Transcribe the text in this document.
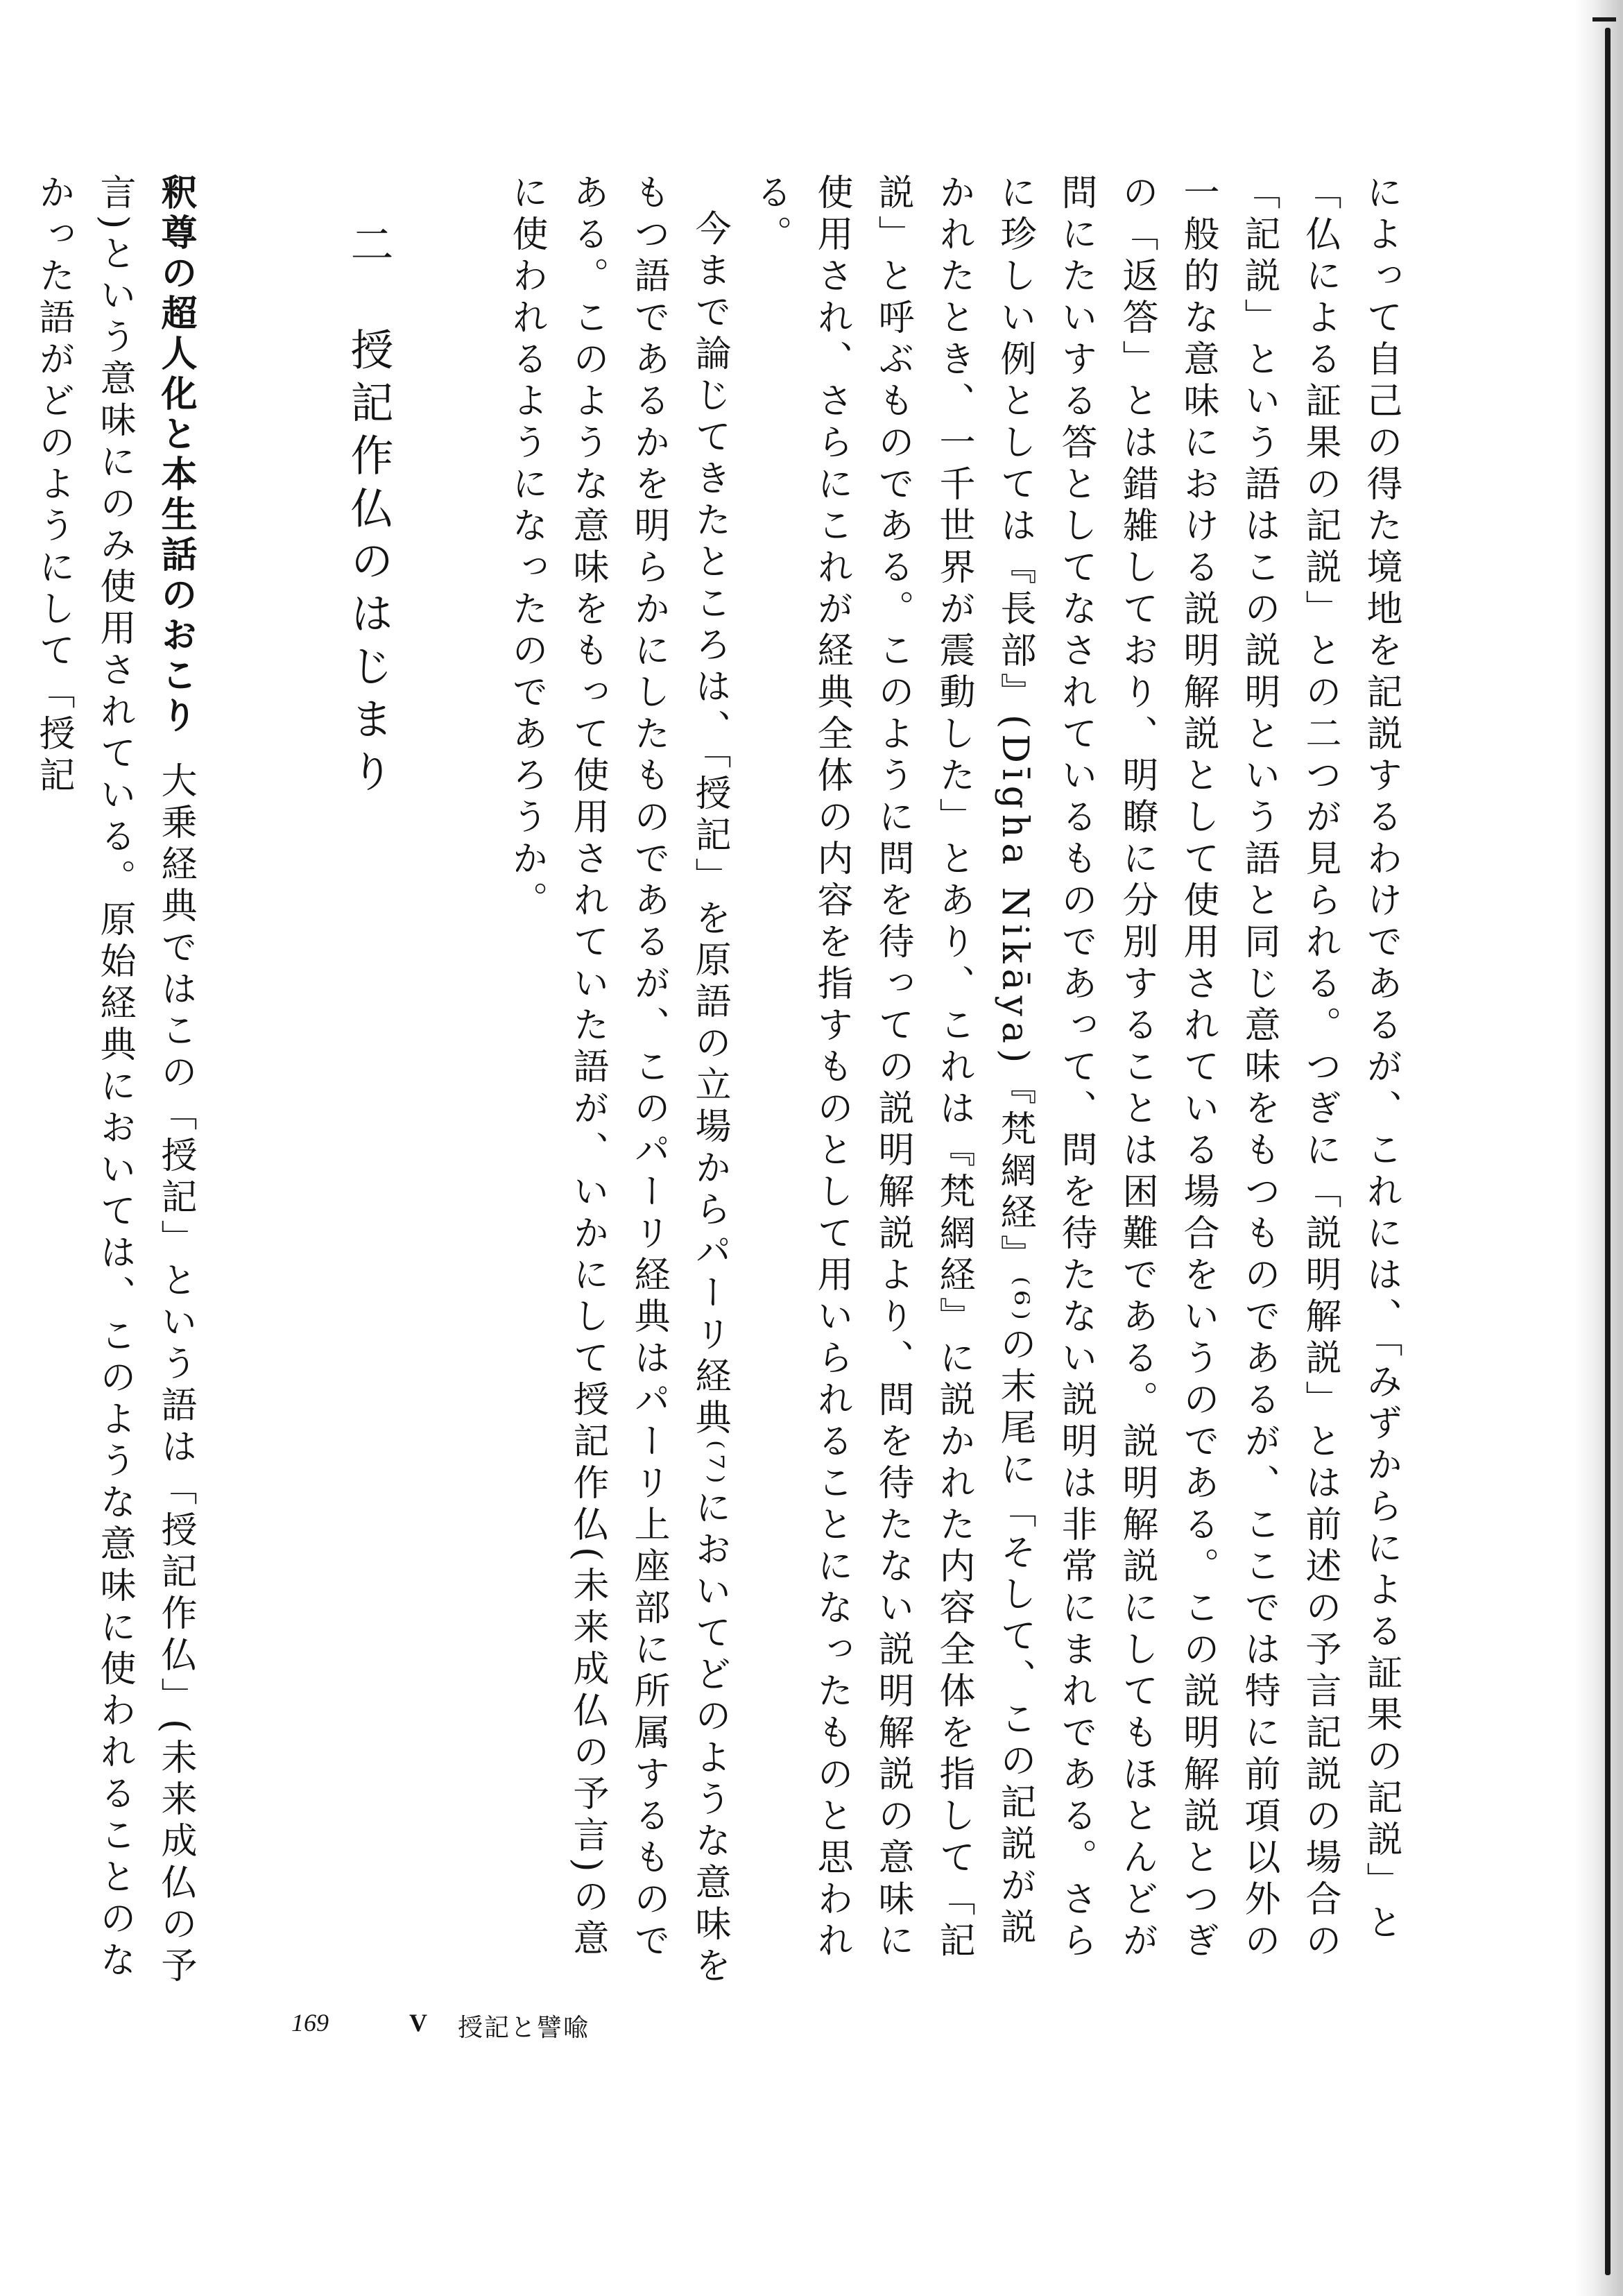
によって自己の得た境地を記説するわけであるが、これには、「みずからによる証果の記説」と「仏による証果の記説」との二つが見られる。つぎに「説明解説」とは前述の予言記説の場合の「記説」という語はこの説明という語と同じ意味をもつものであるが、ここでは特に前項以外の一般的な意味における説明解説として使用されている場合をいうのである。この説明解説とつぎの「返答」とは錯雑しており、明瞭に分別することは困難である。説明解説にしてもほとんどが問にたいする答としてなされているものであって、問を待たない説明は非常にまれである。さらに珍しい例としては『長部』(Dīgha Nikāya)『梵網経』⁽⁶⁾の末尾に「そして、この記説が説かれたとき、一千世界が震動した」とあり、これは『梵網経』に説かれた内容全体を指して「記説」と呼ぶものである。このように問を待っての説明解説より、問を待たない説明解説の意味に使用され、さらにこれが経典全体の内容を指すものとして用いられることになったものと思われる。

今まで論じてきたところは、「授記」を原語の立場からパーリ経典⁽⁷⁾においてどのような意味をもつ語であるかを明らかにしたものであるが、このパーリ経典はパーリ上座部に所属するものである。このような意味をもって使用されていた語が、いかにして授記作仏(未来成仏の予言)の意に使われるようになったのであろうか。

二　授記作仏のはじまり

釈尊の超人化と本生話のおこり大乗経典ではこの「授記」という語は「授記作仏」(未来成仏の予言)という意味にのみ使用されている。原始経典においては、このような意味に使われることのなかった語がどのようにして「授記

169	V 授記と譬喩
